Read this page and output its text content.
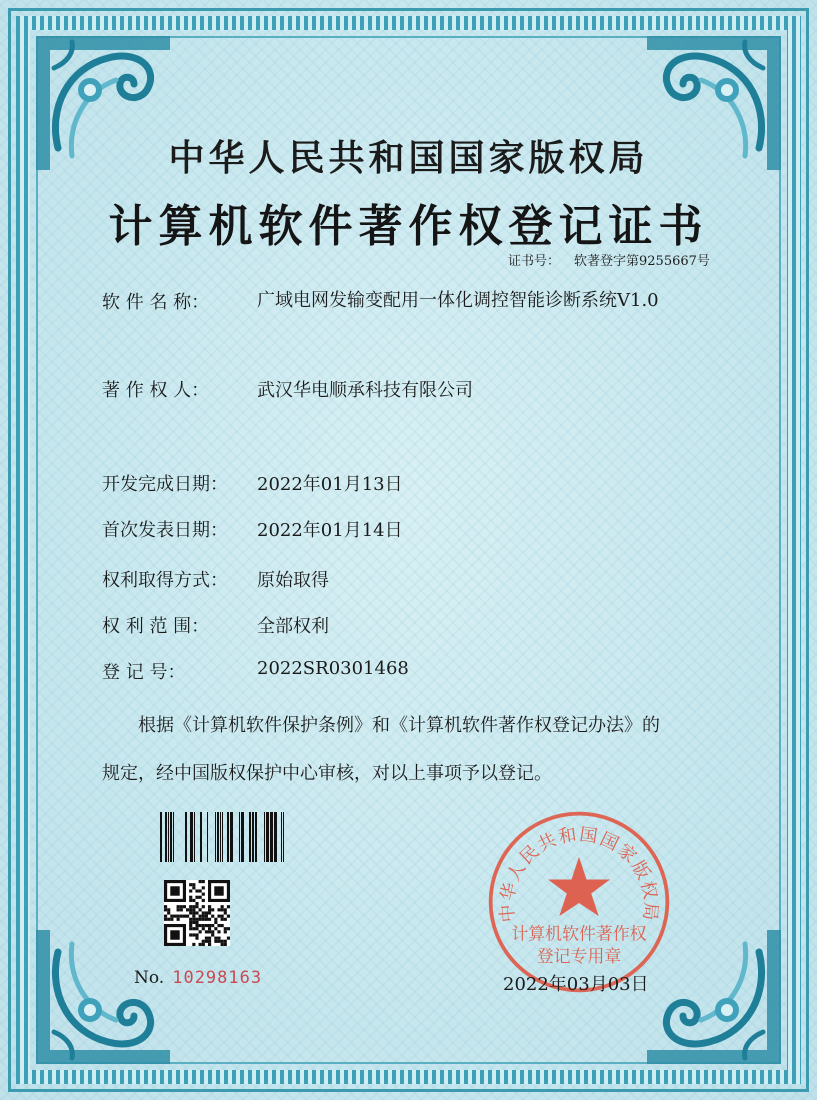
中华人民共和国国家版权局
计算机软件著作权登记证书
证书号： 软著登字第9255667号
软 件 名 称：	广域电网发输变配用一体化调控智能诊断系统V1.0
著 作 权 人：	武汉华电顺承科技有限公司
开发完成日期： 2022年01月13日
首次发表日期： 2022年01月14日
权利取得方式： 原始取得
权 利 范 围：	全部权利
登 记 号：	2022SR0301468
根据《计算机软件保护条例》和《计算机软件著作权登记办法》的
规定，经中国版权保护中心审核，对以上事项予以登记。
No. 10298163
中华人民共和国国家版权局
计算机软件著作权
登记专用章
2022年03月03日
